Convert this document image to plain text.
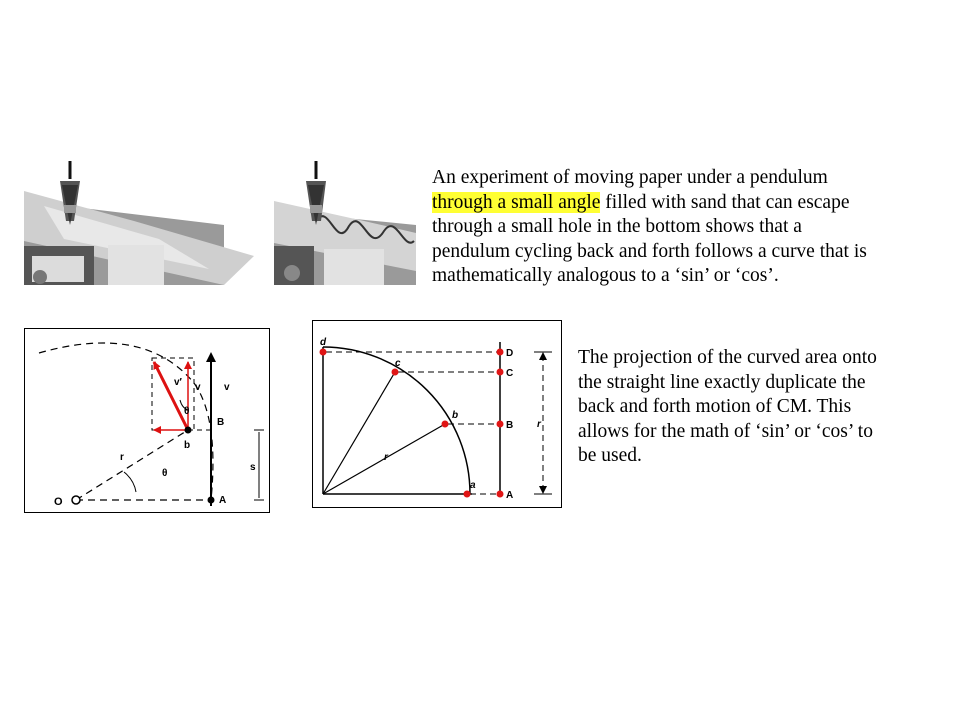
An experiment of moving paper under a pendulum
through a small angle filled with sand that can escape
through a small hole in the bottom shows that a
pendulum cycling back and forth follows a curve that is
mathematically analogous to a ‘sin’ or ‘cos’.
v′ v v
θ
b
B
s
r
θ
O	A
d
c
b
a
r
D
C
B
A
r
The projection of the curved area onto
the straight line exactly duplicate the
back and forth motion of CM. This
allows for the math of ‘sin’ or ‘cos’ to
be used.
